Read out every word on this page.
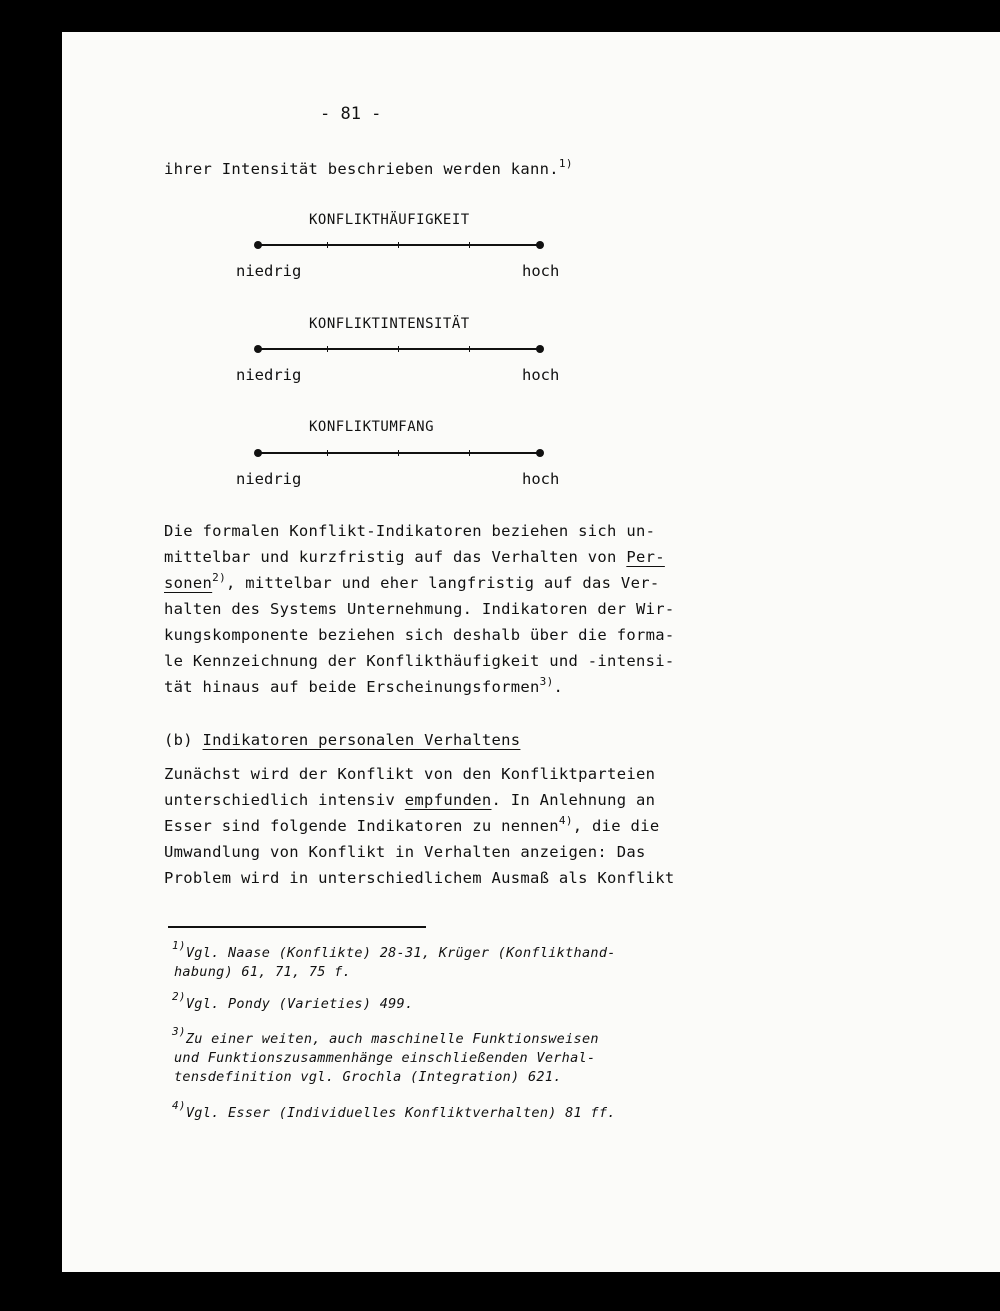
- 81 -
ihrer Intensität beschrieben werden kann.$^{1)}$
KONFLIKTHÄUFIGKEIT
niedrig	hoch
KONFLIKTINTENSITÄT
niedrig	hoch
KONFLIKTUMFANG
niedrig	hoch
Die formalen Konflikt-Indikatoren beziehen sich un-
mittelbar und kurzfristig auf das Verhalten von Per-
sonen$^{2)}$, mittelbar und eher langfristig auf das Ver-
halten des Systems Unternehmung. Indikatoren der Wir-
kungskomponente beziehen sich deshalb über die forma-
le Kennzeichnung der Konflikthäufigkeit und -intensi-
tät hinaus auf beide Erscheinungsformen$^{3)}$.
(b) Indikatoren personalen Verhaltens
Zunächst wird der Konflikt von den Konfliktparteien
unterschiedlich intensiv empfunden. In Anlehnung an
Esser sind folgende Indikatoren zu nennen$^{4)}$, die die
Umwandlung von Konflikt in Verhalten anzeigen: Das
Problem wird in unterschiedlichem Ausmaß als Konflikt
$^{1)}$Vgl. Naase (Konflikte) 28-31, Krüger (Konflikthand-
habung) 61, 71, 75 f.
$^{2)}$Vgl. Pondy (Varieties) 499.
$^{3)}$Zu einer weiten, auch maschinelle Funktionsweisen
und Funktionszusammenhänge einschließenden Verhal-
tensdefinition vgl. Grochla (Integration) 621.
$^{4)}$Vgl. Esser (Individuelles Konfliktverhalten) 81 ff.
